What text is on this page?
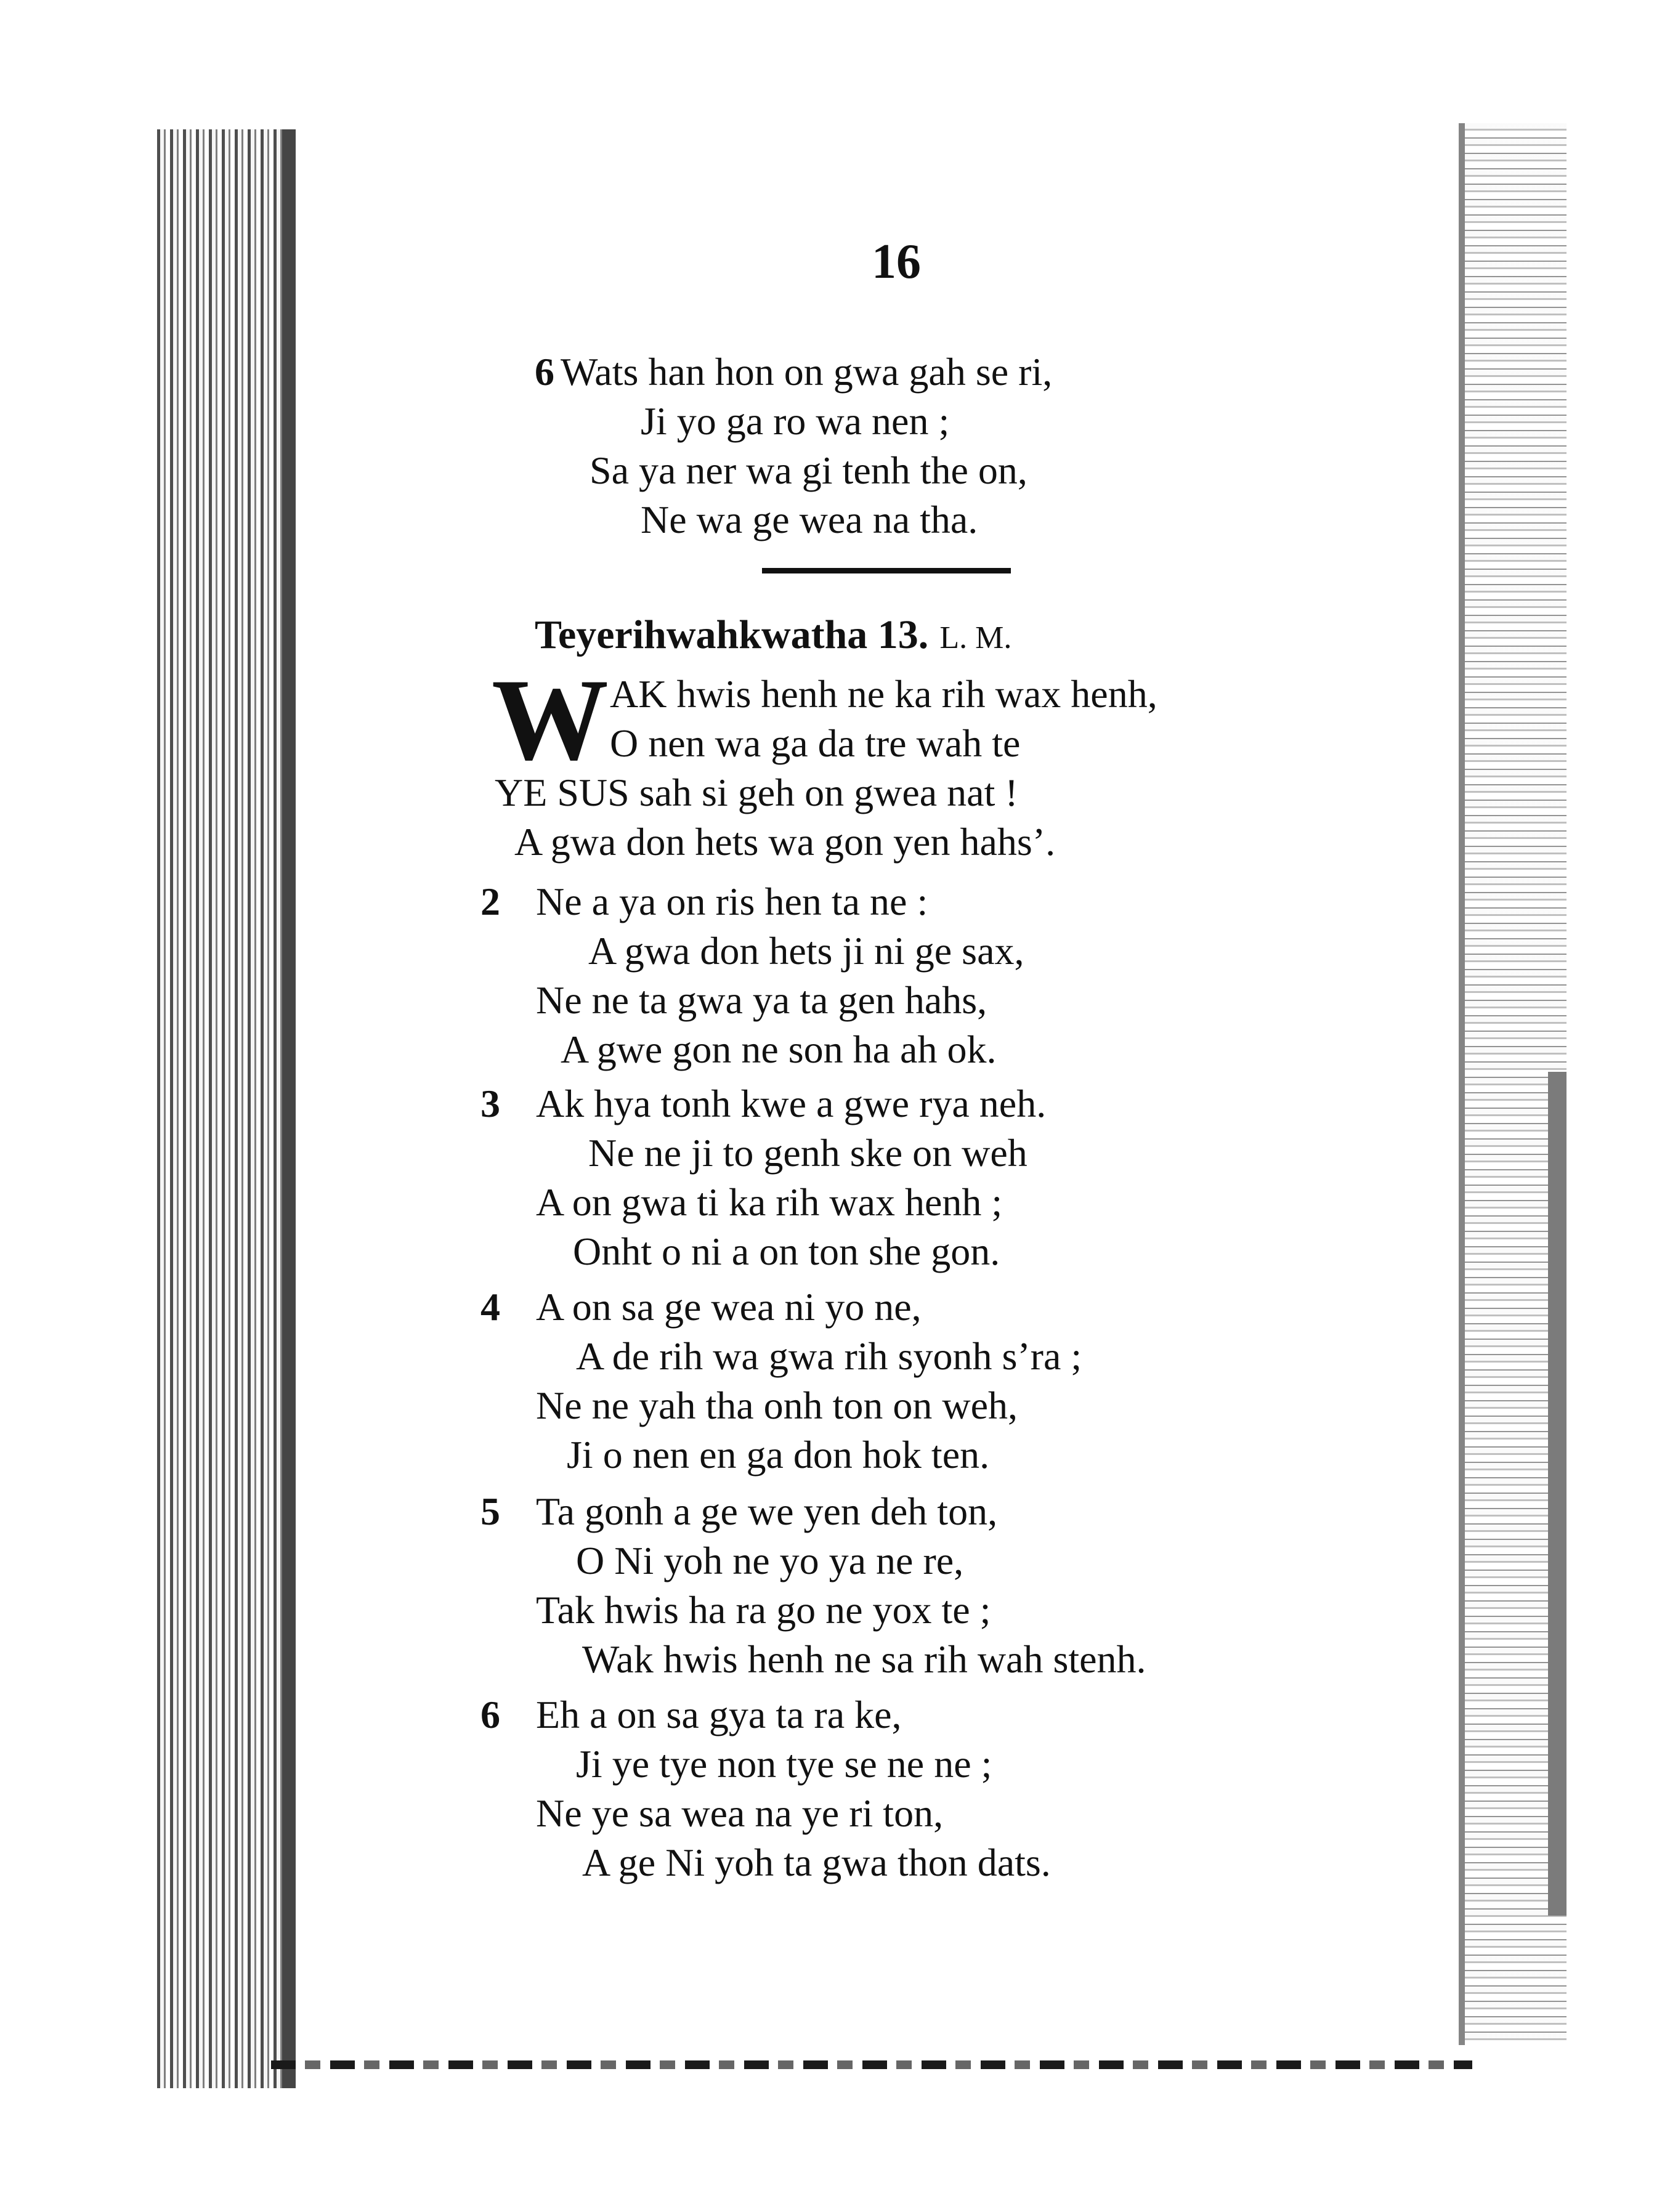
16
6 Wats han hon on gwa gah se ri,
Ji yo ga ro wa nen ;
Sa ya ner wa gi tenh the on,
Ne wa ge wea na tha.
Teyerihwahkwatha 13. L. M.
W AK hwis henh ne ka rih wax henh,
O nen wa ga da tre wah te
YE SUS sah si geh on gwea nat !
A gwa don hets wa gon yen hahs’.
2 Ne a ya on ris hen ta ne :
A gwa don hets ji ni ge sax,
Ne ne ta gwa ya ta gen hahs,
A gwe gon ne son ha ah ok.
3 Ak hya tonh kwe a gwe rya neh.
Ne ne ji to genh ske on weh
A on gwa ti ka rih wax henh ;
Onht o ni a on ton she gon.
4 A on sa ge wea ni yo ne,
A de rih wa gwa rih syonh s’ra ;
Ne ne yah tha onh ton on weh,
Ji o nen en ga don hok ten.
5 Ta gonh a ge we yen deh ton,
O Ni yoh ne yo ya ne re,
Tak hwis ha ra go ne yox te ;
Wak hwis henh ne sa rih wah stenh.
6 Eh a on sa gya ta ra ke,
Ji ye tye non tye se ne ne ;
Ne ye sa wea na ye ri ton,
A ge Ni yoh ta gwa thon dats.
